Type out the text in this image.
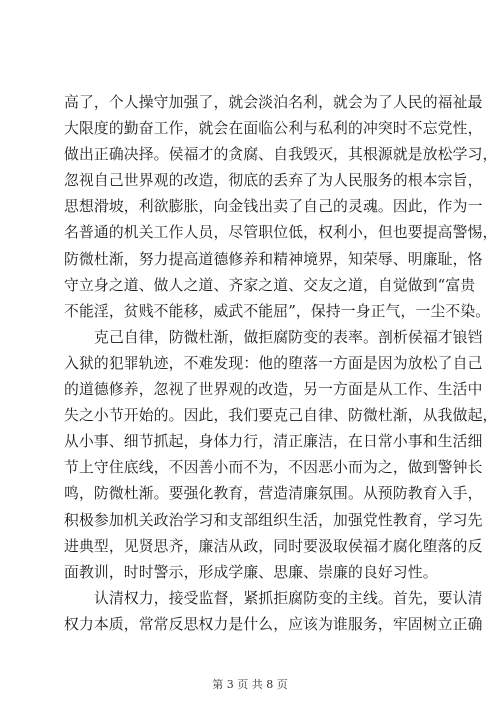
高了，个人操守加强了，就会淡泊名利，就会为了人民的福祉最
大限度的勤奋工作，就会在面临公利与私利的冲突时不忘党性，
做出正确决择。侯福才的贪腐、自我毁灭，其根源就是放松学习，
忽视自己世界观的改造，彻底的丢弃了为人民服务的根本宗旨，
思想滑坡，利欲膨胀，向金钱出卖了自己的灵魂。因此，作为一
名普通的机关工作人员，尽管职位低，权利小，但也要提高警惕，
防微杜渐，努力提高道德修养和精神境界，知荣辱、明廉耻，恪
守立身之道、做人之道、齐家之道、交友之道，自觉做到“富贵
不能淫，贫贱不能移，威武不能屈”，保持一身正气，一尘不染。
克己自律，防微杜渐，做拒腐防变的表率。剖析侯福才锒铛
入狱的犯罪轨迹，不难发现：他的堕落一方面是因为放松了自己
的道德修养，忽视了世界观的改造，另一方面是从工作、生活中
失之小节开始的。因此，我们要克己自律、防微杜渐，从我做起，
从小事、细节抓起，身体力行，清正廉洁，在日常小事和生活细
节上守住底线，不因善小而不为，不因恶小而为之，做到警钟长
鸣，防微杜渐。要强化教育，营造清廉氛围。从预防教育入手，
积极参加机关政治学习和支部组织生活，加强党性教育，学习先
进典型，见贤思齐，廉洁从政，同时要汲取侯福才腐化堕落的反
面教训，时时警示，形成学廉、思廉、崇廉的良好习性。
认清权力，接受监督，紧抓拒腐防变的主线。首先，要认清
权力本质，常常反思权力是什么，应该为谁服务，牢固树立正确
第 3 页 共 8 页
